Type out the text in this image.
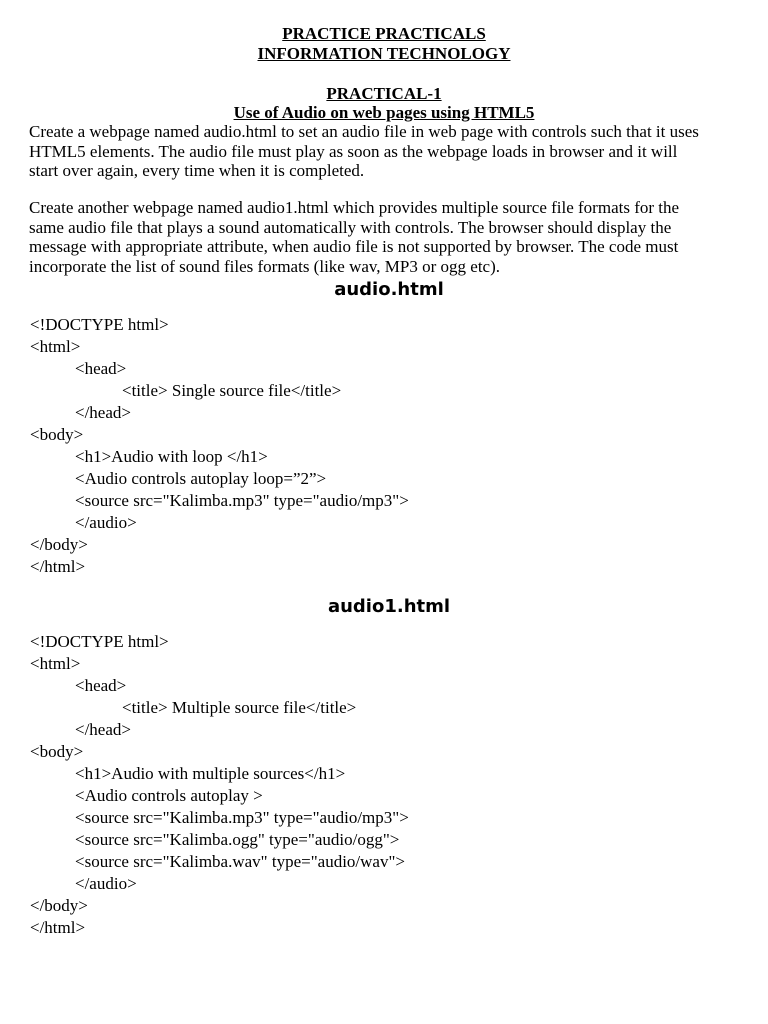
PRACTICE PRACTICALS
INFORMATION TECHNOLOGY
PRACTICAL-1
Use of Audio on web pages using HTML5
Create a webpage named audio.html to set an audio file in web page with controls such that it uses
HTML5 elements. The audio file must play as soon as the webpage loads in browser and it will
start over again, every time when it is completed.
Create another webpage named audio1.html which provides multiple source file formats for the
same audio file that plays a sound automatically with controls. The browser should display the
message with appropriate attribute, when audio file is not supported by browser. The code must
incorporate the list of sound files formats (like wav, MP3 or ogg etc).
audio.html
<!DOCTYPE html>
<html>
<head>
<title> Single source file</title>
</head>
<body>
<h1>Audio with loop </h1>
<Audio controls autoplay loop=”2”>
<source src="Kalimba.mp3" type="audio/mp3">
</audio>
</body>
</html>
audio1.html
<!DOCTYPE html>
<html>
<head>
<title> Multiple source file</title>
</head>
<body>
<h1>Audio with multiple sources</h1>
<Audio controls autoplay >
<source src="Kalimba.mp3" type="audio/mp3">
<source src="Kalimba.ogg" type="audio/ogg">
<source src="Kalimba.wav" type="audio/wav">
</audio>
</body>
</html>
